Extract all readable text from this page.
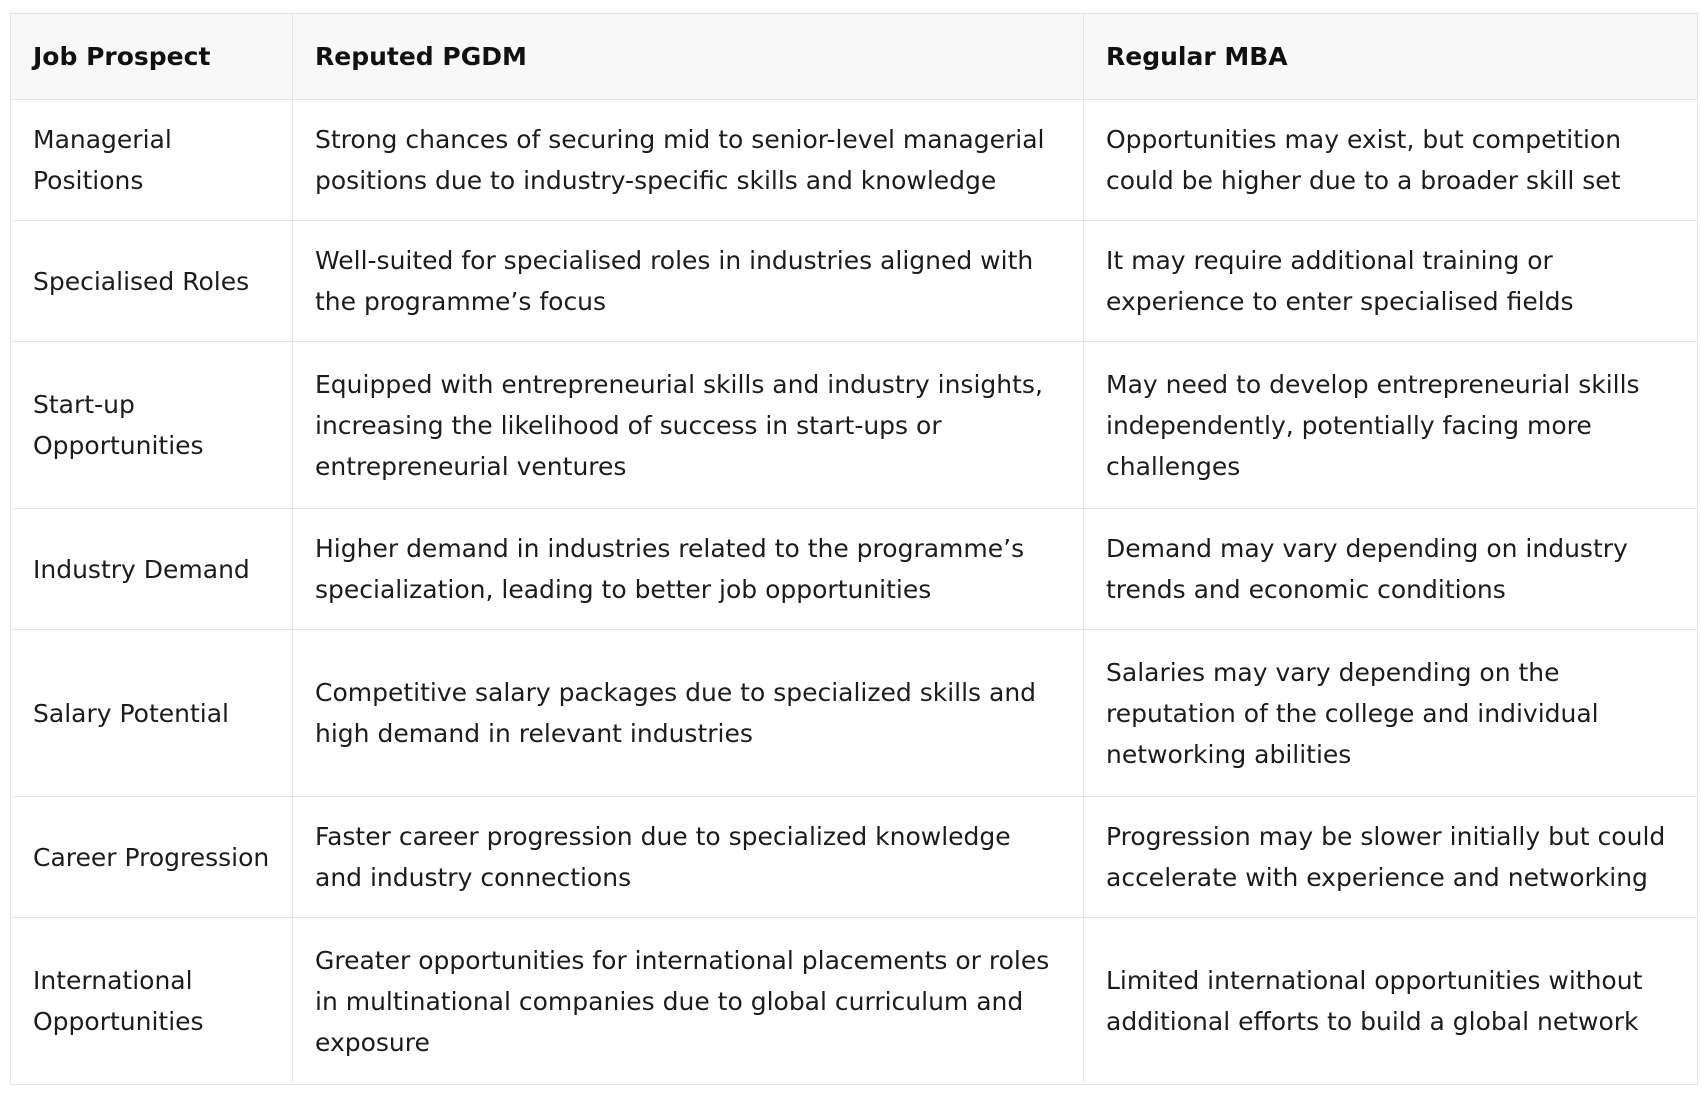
Job Prospect	Reputed PGDM	Regular MBA
Managerial Positions	Strong chances of securing mid to senior-level managerial positions due to industry-specific skills and knowledge	Opportunities may exist, but competition could be higher due to a broader skill set
Specialised Roles	Well-suited for specialised roles in industries aligned with the programme’s focus	It may require additional training or experience to enter specialised fields
Start-up Opportunities	Equipped with entrepreneurial skills and industry insights, increasing the likelihood of success in start-ups or entrepreneurial ventures	May need to develop entrepreneurial skills independently, potentially facing more challenges
Industry Demand	Higher demand in industries related to the programme’s specialization, leading to better job opportunities	Demand may vary depending on industry trends and economic conditions
Salary Potential	Competitive salary packages due to specialized skills and high demand in relevant industries	Salaries may vary depending on the reputation of the college and individual networking abilities
Career Progression	Faster career progression due to specialized knowledge and industry connections	Progression may be slower initially but could accelerate with experience and networking
International Opportunities	Greater opportunities for international placements or roles in multinational companies due to global curriculum and exposure	Limited international opportunities without additional efforts to build a global network
